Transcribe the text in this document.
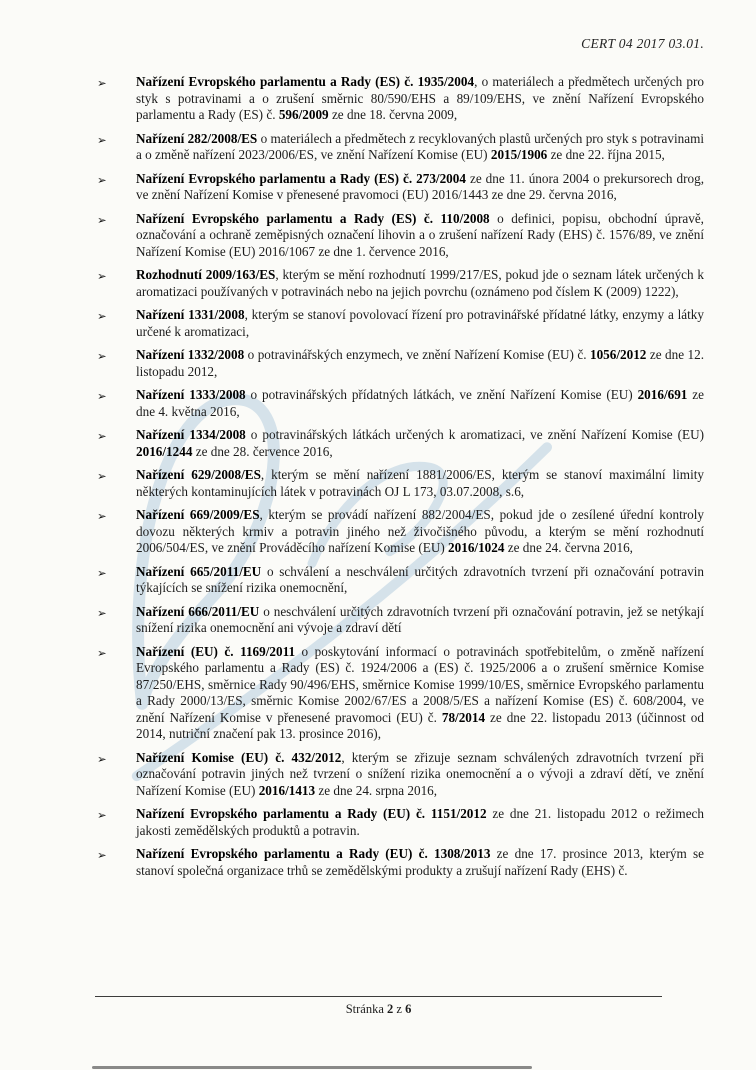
CERT 04 2017 03.01.
➢	Nařízení Evropského parlamentu a Rady (ES) č. 1935/2004, o materiálech a předmětech určených pro styk s potravinami a o zrušení směrnic 80/590/EHS a 89/109/EHS, ve znění Nařízení Evropského parlamentu a Rady (ES) č. 596/2009 ze dne 18. června 2009,
➢	Nařízení 282/2008/ES o materiálech a předmětech z recyklovaných plastů určených pro styk s potravinami a o změně nařízení 2023/2006/ES, ve znění Nařízení Komise (EU) 2015/1906 ze dne 22. října 2015,
➢	Nařízení Evropského parlamentu a Rady (ES) č. 273/2004 ze dne 11. února 2004 o prekursorech drog, ve znění Nařízení Komise v přenesené pravomoci (EU) 2016/1443 ze dne 29. června 2016,
➢	Nařízení Evropského parlamentu a Rady (ES) č. 110/2008 o definici, popisu, obchodní úpravě, označování a ochraně zeměpisných označení lihovin a o zrušení nařízení Rady (EHS) č. 1576/89, ve znění Nařízení Komise (EU) 2016/1067 ze dne 1. července 2016,
➢	Rozhodnutí 2009/163/ES, kterým se mění rozhodnutí 1999/217/ES, pokud jde o seznam látek určených k aromatizaci používaných v potravinách nebo na jejich povrchu (oznámeno pod číslem K (2009) 1222),
➢	Nařízení 1331/2008, kterým se stanoví povolovací řízení pro potravinářské přídatné látky, enzymy a látky určené k aromatizaci,
➢	Nařízení 1332/2008 o potravinářských enzymech, ve znění Nařízení Komise (EU) č. 1056/2012 ze dne 12. listopadu 2012,
➢	Nařízení 1333/2008 o potravinářských přídatných látkách, ve znění Nařízení Komise (EU) 2016/691 ze dne 4. května 2016,
➢	Nařízení 1334/2008 o potravinářských látkách určených k aromatizaci, ve znění Nařízení Komise (EU) 2016/1244 ze dne 28. července 2016,
➢	Nařízení 629/2008/ES, kterým se mění nařízení 1881/2006/ES, kterým se stanoví maximální limity některých kontaminujících látek v potravinách OJ L 173, 03.07.2008, s.6,
➢	Nařízení 669/2009/ES, kterým se provádí nařízení 882/2004/ES, pokud jde o zesílené úřední kontroly dovozu některých krmiv a potravin jiného než živočišného původu, a kterým se mění rozhodnutí 2006/504/ES, ve znění Prováděcího nařízení Komise (EU) 2016/1024 ze dne 24. června 2016,
➢	Nařízení 665/2011/EU o schválení a neschválení určitých zdravotních tvrzení při označování potravin týkajících se snížení rizika onemocnění,
➢	Nařízení 666/2011/EU o neschválení určitých zdravotních tvrzení při označování potravin, jež se netýkají snížení rizika onemocnění ani vývoje a zdraví dětí
➢	Nařízení (EU) č. 1169/2011 o poskytování informací o potravinách spotřebitelům, o změně nařízení Evropského parlamentu a Rady (ES) č. 1924/2006 a (ES) č. 1925/2006 a o zrušení směrnice Komise 87/250/EHS, směrnice Rady 90/496/EHS, směrnice Komise 1999/10/ES, směrnice Evropského parlamentu a Rady 2000/13/ES, směrnic Komise 2002/67/ES a 2008/5/ES a nařízení Komise (ES) č. 608/2004, ve znění Nařízení Komise v přenesené pravomoci (EU) č. 78/2014 ze dne 22. listopadu 2013 (účinnost od 2014, nutriční značení pak 13. prosince 2016),
➢	Nařízení Komise (EU) č. 432/2012, kterým se zřizuje seznam schválených zdravotních tvrzení při označování potravin jiných než tvrzení o snížení rizika onemocnění a o vývoji a zdraví dětí, ve znění Nařízení Komise (EU) 2016/1413 ze dne 24. srpna 2016,
➢	Nařízení Evropského parlamentu a Rady (EU) č. 1151/2012 ze dne 21. listopadu 2012 o režimech jakosti zemědělských produktů a potravin.
➢	Nařízení Evropského parlamentu a Rady (EU) č. 1308/2013 ze dne 17. prosince 2013, kterým se stanoví společná organizace trhů se zemědělskými produkty a zrušují nařízení Rady (EHS) č.
Stránka 2 z 6
